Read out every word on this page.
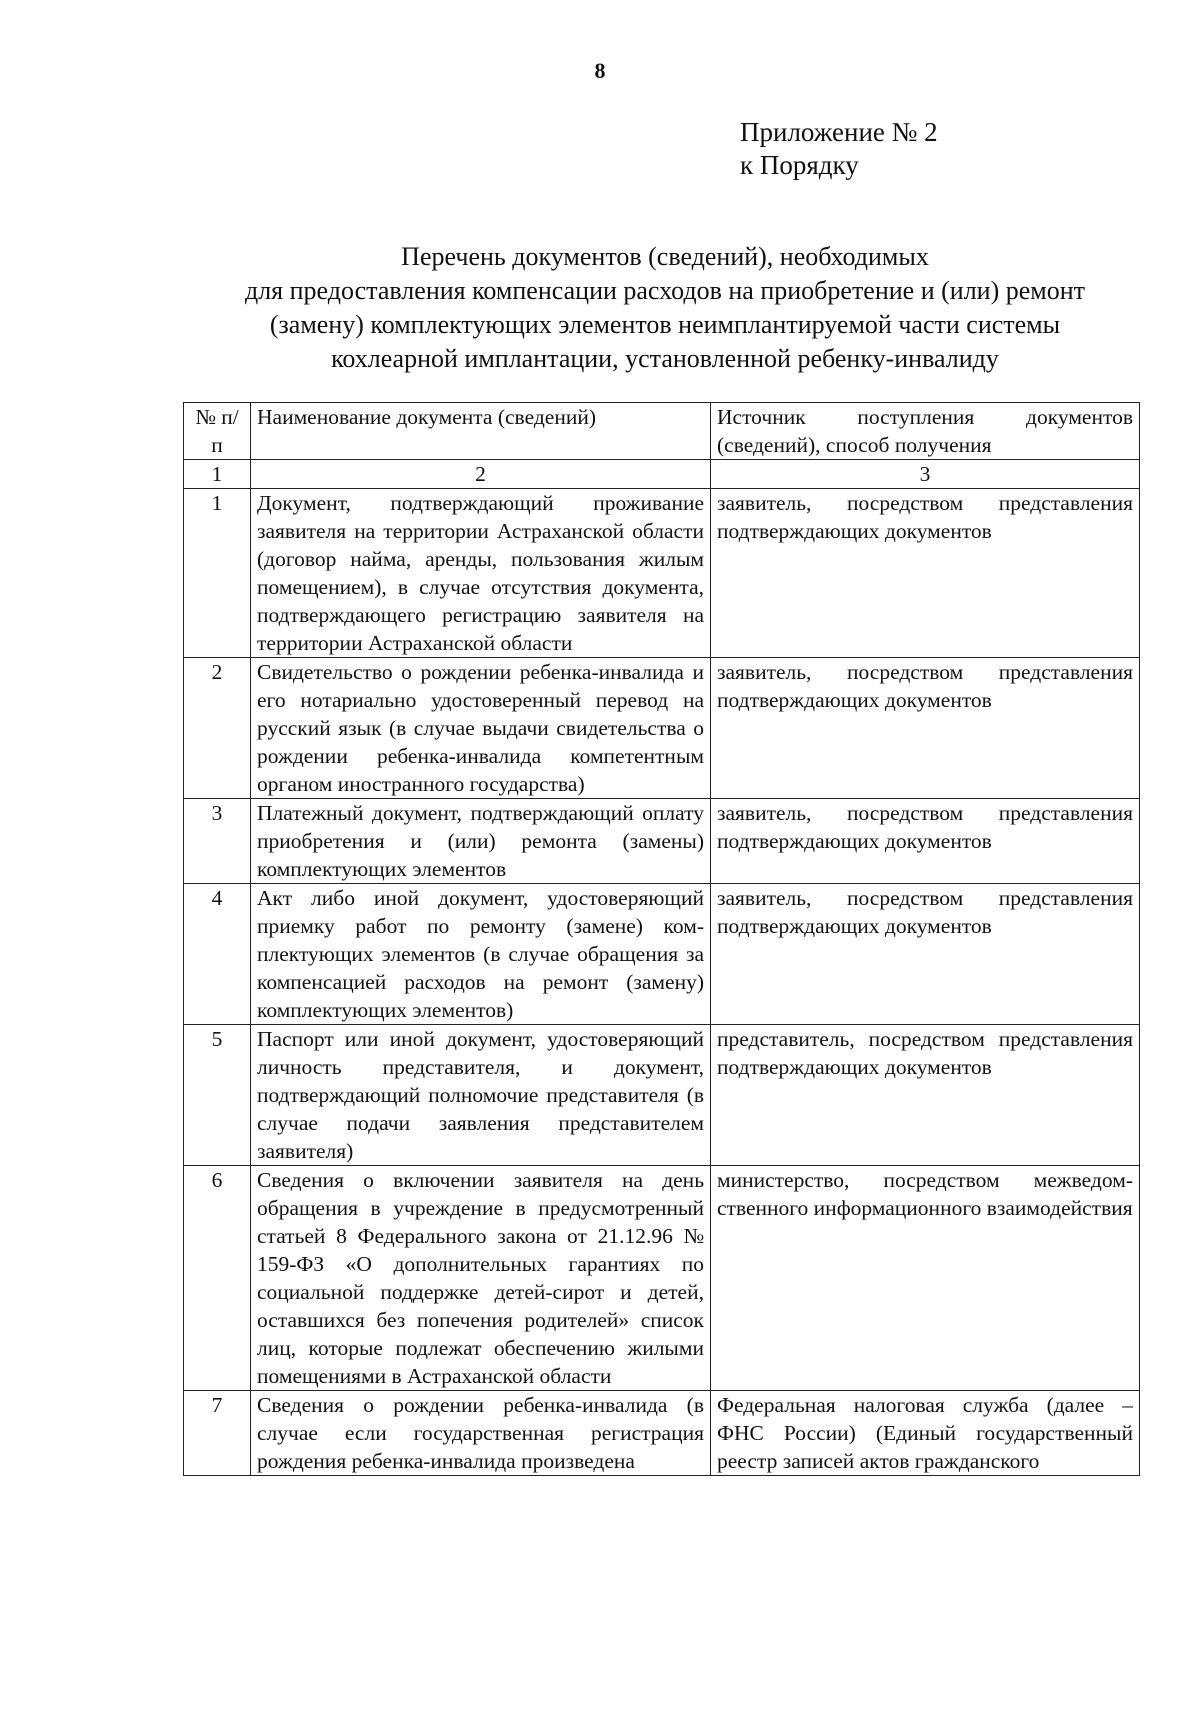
8
Приложение № 2
к Порядку
Перечень документов (сведений), необходимых
для предоставления компенсации расходов на приобретение и (или) ремонт
(замену) комплектующих элементов неимплантируемой части системы
кохлеарной имплантации, установленной ребенку-инвалиду
№ п/п	Наименование документа (сведений)	Источник поступления документов (сведений), способ получения
1	2	3
1	Документ, подтверждающий проживание заявителя на территории Астраханской области (договор найма, аренды, пользования жилым помещением), в случае отсутствия документа, подтверждающего регистрацию заявителя на территории Астраханской области	заявитель, посредством представления подтверждающих документов
2	Свидетельство о рождении ребенка-инвалида и его нотариально удостоверенный перевод на русский язык (в случае выдачи свидетельства о рождении ребенка-инвалида компетентным органом иностранного государства)	заявитель, посредством представления подтверждающих документов
3	Платежный документ, подтверждающий оплату приобретения и (или) ремонта (замены) комплектующих элементов	заявитель, посредством представления подтверждающих документов
4	Акт либо иной документ, удостоверяющий приемку работ по ремонту (замене) комплектующих элементов (в случае обращения за компенсацией расходов на ремонт (замену) комплектующих элементов)	заявитель, посредством представления подтверждающих документов
5	Паспорт или иной документ, удостоверяющий личность представителя, и документ, подтверждающий полномочие представителя (в случае подачи заявления представителем заявителя)	представитель, посредством представления подтверждающих документов
6	Сведения о включении заявителя на день обращения в учреждение в предусмотренный статьей 8 Федерального закона от 21.12.96 № 159-ФЗ «О дополнительных гарантиях по социальной поддержке детей-сирот и детей, оставшихся без попечения родителей» список лиц, которые подлежат обеспечению жилыми помещениями в Астраханской области	министерство, посредством межведомственного информационного взаимодействия
7	Сведения о рождении ребенка-инвалида (в случае если государственная регистрация рождения ребенка-инвалида произведена	Федеральная налоговая служба (далее – ФНС России) (Единый государственный реестр записей актов гражданского
